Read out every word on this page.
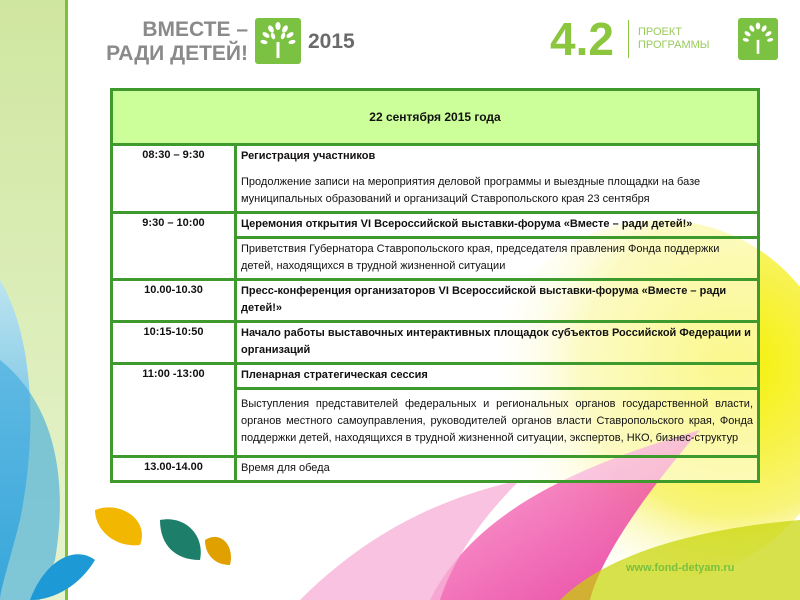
ВМЕСТЕ –
РАДИ ДЕТЕЙ!
2015	4.2 ПРОЕКТ
ПРОГРАММЫ
22 сентября 2015 года
08:30 – 9:30	Регистрация участников
Продолжение записи на мероприятия деловой программы и выездные площадки на базе муниципальных образований и организаций Ставропольского края 23 сентября
9:30 – 10:00	Церемония открытия VI Всероссийской выставки-форума «Вместе – ради детей!»
Приветствия Губернатора Ставропольского края, председателя правления Фонда поддержки детей, находящихся в трудной жизненной ситуации
10.00-10.30	Пресс-конференция организаторов VI Всероссийской выставки-форума «Вместе – ради детей!»
10:15-10:50	Начало работы выставочных интерактивных площадок субъектов Российской Федерации и организаций
11:00 -13:00	Пленарная стратегическая сессия
Выступления представителей федеральных и региональных органов государственной власти, органов местного самоуправления, руководителей органов власти Ставропольского края, Фонда поддержки детей, находящихся в трудной жизненной ситуации, экспертов, НКО, бизнес-структур
13.00-14.00	Время для обеда
www.fond-detyam.ru
